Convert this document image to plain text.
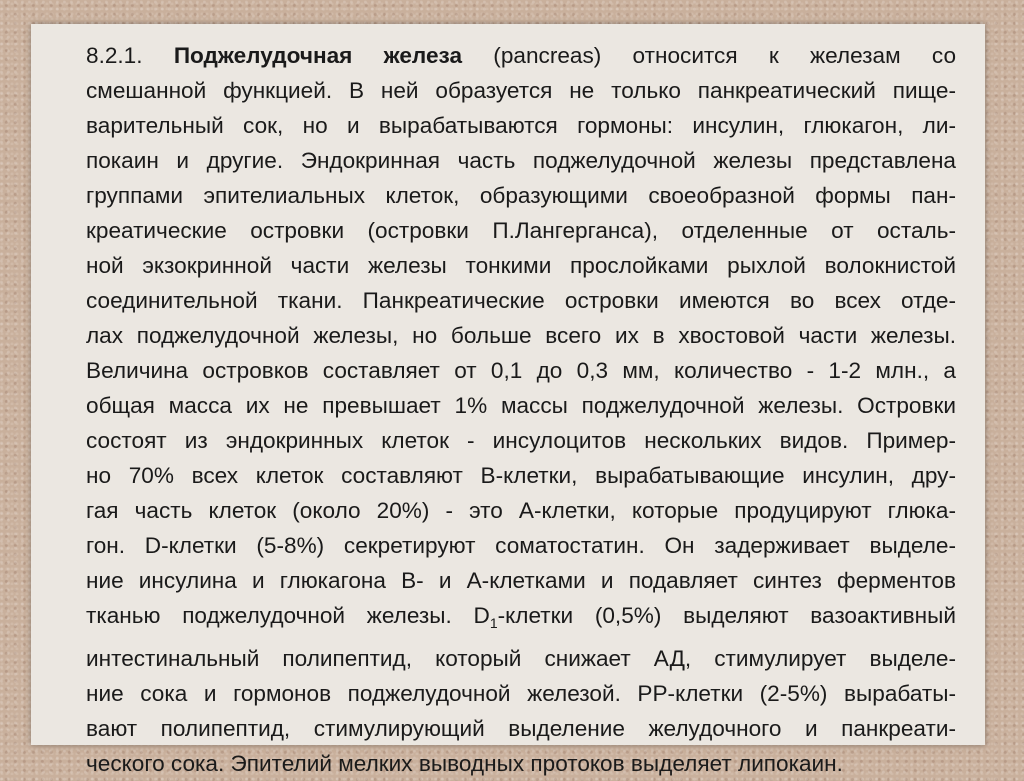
8.2.1. Поджелудочная железа (pancreas) относится к железам со
смешанной функцией. В ней образуется не только панкреатический пище-
варительный сок, но и вырабатываются гормоны: инсулин, глюкагон, ли-
покаин и другие. Эндокринная часть поджелудочной железы представлена
группами эпителиальных клеток, образующими своеобразной формы пан-
креатические островки (островки П.Лангерганса), отделенные от осталь-
ной экзокринной части железы тонкими прослойками рыхлой волокнистой
соединительной ткани. Панкреатические островки имеются во всех отде-
лах поджелудочной железы, но больше всего их в хвостовой части железы.
Величина островков составляет от 0,1 до 0,3 мм, количество - 1-2 млн., а
общая масса их не превышает 1% массы поджелудочной железы. Островки
состоят из эндокринных клеток - инсулоцитов нескольких видов. Пример-
но 70% всех клеток составляют B-клетки, вырабатывающие инсулин, дру-
гая часть клеток (около 20%) - это A-клетки, которые продуцируют глюка-
гон. D-клетки (5-8%) секретируют соматостатин. Он задерживает выделе-
ние инсулина и глюкагона B- и A-клетками и подавляет синтез ферментов
тканью поджелудочной железы. $D_1$-клетки (0,5%) выделяют вазоактивный
интестинальный полипептид, который снижает АД, стимулирует выделе-
ние сока и гормонов поджелудочной железой. PP-клетки (2-5%) вырабаты-
вают полипептид, стимулирующий выделение желудочного и панкреати-
ческого сока. Эпителий мелких выводных протоков выделяет липокаин.
